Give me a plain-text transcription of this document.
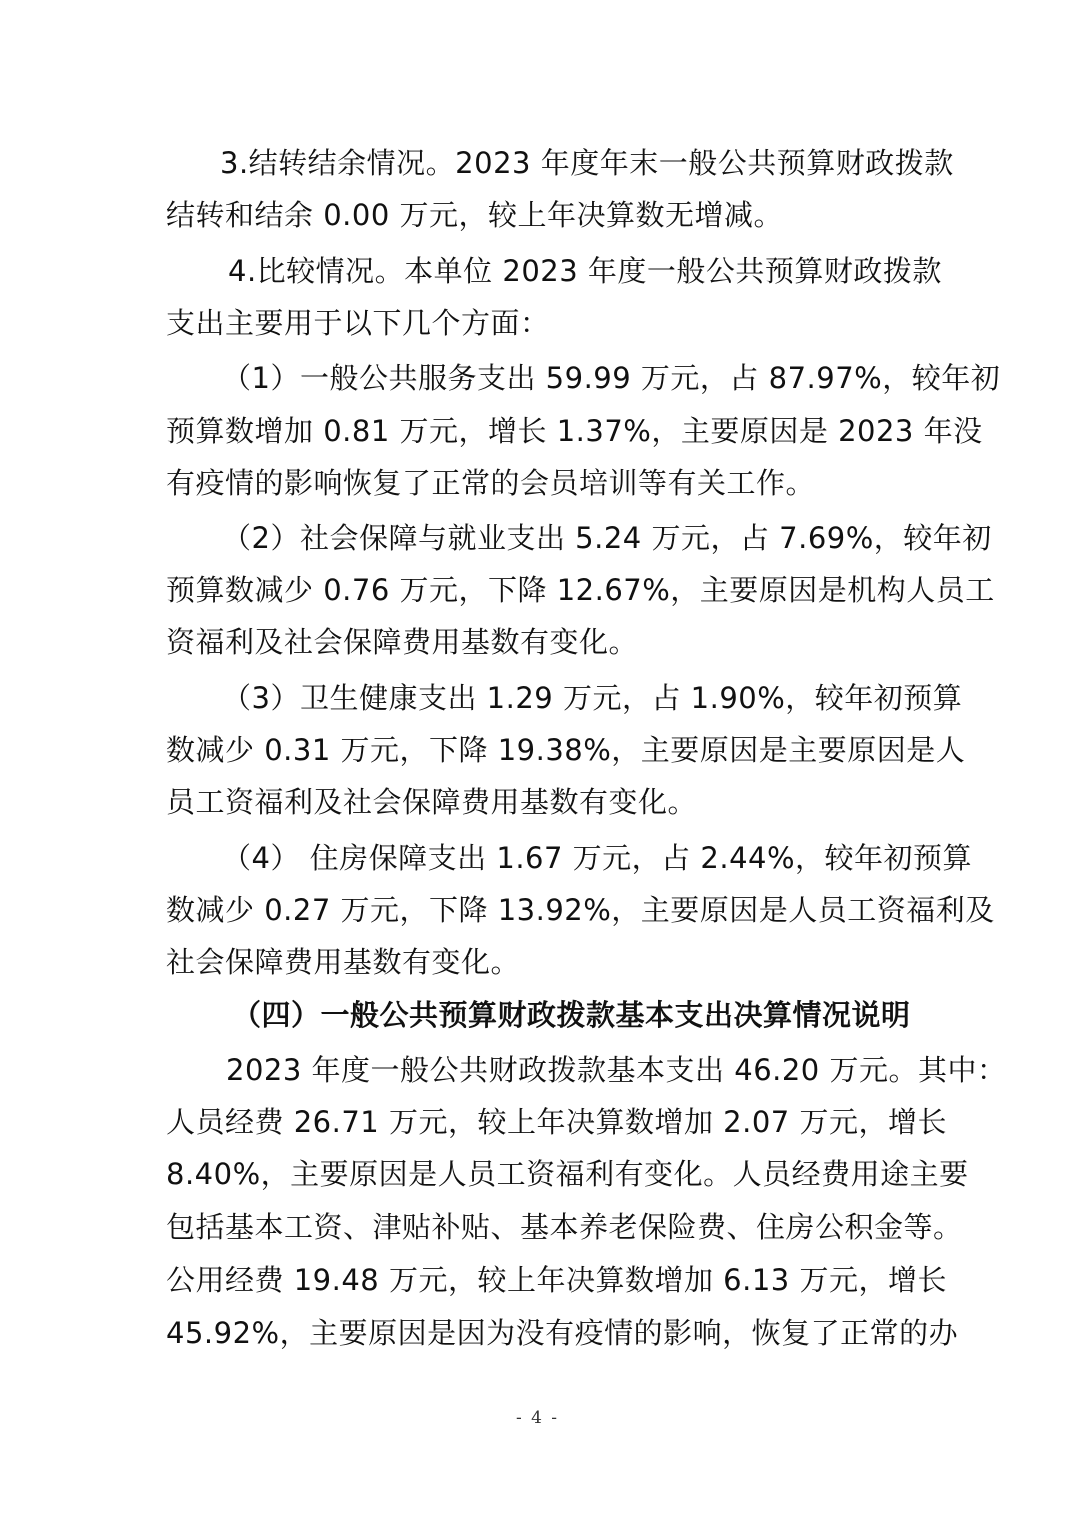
3.结转结余情况。2023 年度年末一般公共预算财政拨款
结转和结余 0.00 万元，较上年决算数无增减。
4.比较情况。本单位 2023 年度一般公共预算财政拨款
支出主要用于以下几个方面：
（1）一般公共服务支出 59.99 万元，占 87.97%，较年初
预算数增加 0.81 万元，增长 1.37%，主要原因是 2023 年没
有疫情的影响恢复了正常的会员培训等有关工作。
（2）社会保障与就业支出 5.24 万元，占 7.69%，较年初
预算数减少 0.76 万元，下降 12.67%，主要原因是机构人员工
资福利及社会保障费用基数有变化。
（3）卫生健康支出 1.29 万元，占 1.90%，较年初预算
数减少 0.31 万元，下降 19.38%，主要原因是主要原因是人
员工资福利及社会保障费用基数有变化。
（4） 住房保障支出 1.67 万元，占 2.44%，较年初预算
数减少 0.27 万元，下降 13.92%，主要原因是人员工资福利及
社会保障费用基数有变化。
（四）一般公共预算财政拨款基本支出决算情况说明
2023 年度一般公共财政拨款基本支出 46.20 万元。其中：
人员经费 26.71 万元，较上年决算数增加 2.07 万元，增长
8.40%，主要原因是人员工资福利有变化。人员经费用途主要
包括基本工资、津贴补贴、基本养老保险费、住房公积金等。
公用经费 19.48 万元，较上年决算数增加 6.13 万元，增长
45.92%，主要原因是因为没有疫情的影响，恢复了正常的办
- 4 -
